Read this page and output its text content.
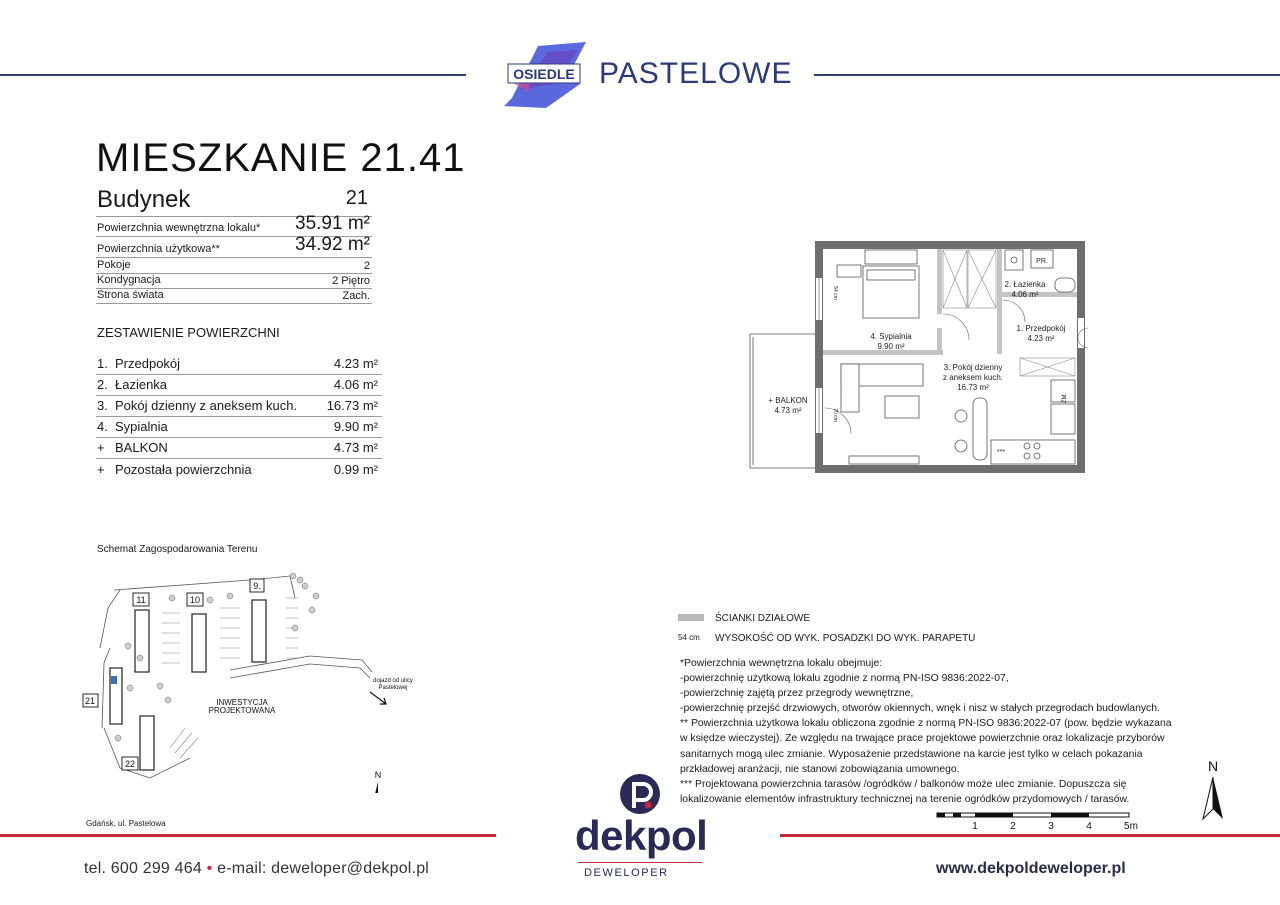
OSIEDLE PASTELOWE
MIESZKANIE 21.41
Budynek	21
Powierzchnia wewnętrzna lokalu* 35.91 m²
Powierzchnia użytkowa**	34.92 m²
Pokoje	2
Kondygnacja	2 Piętro
Strona świata	Zach.
ZESTAWIENIE POWIERZCHNI
1. Przedpokój	4.23 m²
2. Łazienka	4.06 m²
3. Pokój dzienny z aneksem kuch. 16.73 m²
4. Sypialnia	9.90 m²
+ BALKON	4.73 m²
+ Pozostała powierzchnia	0.99 m²
Schemat Zagospodarowania Terenu
9.
10
11
21
22
INWESTYCJA
PROJEKTOWANA
dojazd od ulicy
Pastelowej
N
Gdańsk, ul. Pastelowa
2. Łazienka
4.06 m²
4. Sypialnia
9.90 m²
1. Przedpokój
4.23 m²
3. Pokój dzienny
z aneksem kuch.
16.73 m²
+ BALKON
4.73 m²
PR.
***
ZM.
54 cm
70 cm
ŚCIANKI DZIAŁOWE
54 cm	WYSOKOŚĆ OD WYK. POSADZKI DO WYK. PARAPETU
*Powierzchnia wewnętrzna lokalu obejmuje:
-powierzchnię użytkową lokalu zgodnie z normą PN-ISO 9836:2022-07,
-powierzchnię zajętą przez przegrody wewnętrzne,
-powierzchnię przejść drzwiowych, otworów okiennych, wnęk i nisz w stałych przegrodach budowlanych.
** Powierzchnia użytkowa lokalu obliczona zgodnie z normą PN-ISO 9836:2022-07 (pow. będzie wykazana
w księdze wieczystej). Ze względu na trwające prace projektowe powierzchnie oraz lokalizacje przyborów
sanitarnych mogą ulec zmianie. Wyposażenie przedstawione na karcie jest tylko w celach pokazania
przkładowej aranżacji, nie stanowi zobowiązania umownego.
*** Projektowana powierzchnia tarasów /ogródków / balkonów może ulec zmianie. Dopuszcza się
lokalizowanie elementów infrastruktury technicznej na terenie ogródków przydomowych / tarasów.
N
1	2	3	4	5m
tel. 600 299 464 • e-mail: deweloper@dekpol.pl
dekpol
DEWELOPER	www.dekpoldeweloper.pl
